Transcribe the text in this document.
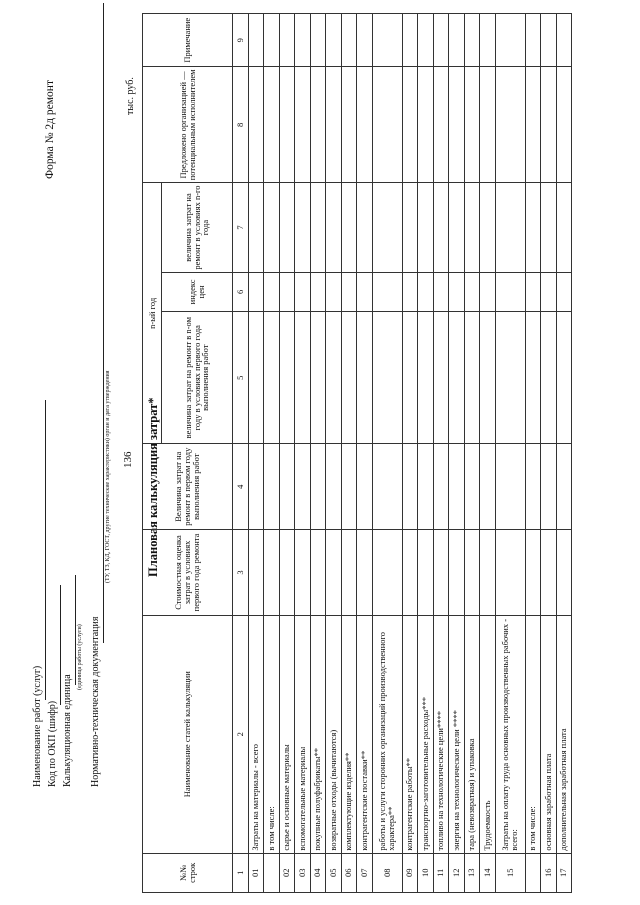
136
Форма № 2д ремонт
Плановая калькуляция затрат*
Наименование работ (услуг) Код по ОКП (шифр) Калькуляционная единица
(единица работы (услуги) Нормативно-техническая документация
(ТУ, ТЗ, КД, ГОСТ, другие технические характеристики) орган и дата утверждения
тыс. руб.
№№ строк	Наименование статей калькуляции	Стоимостная оценка затрат в условиях первого года ремонта	Величина затрат на ремонт в первом году выполнения работ	n-ый год			Предложено организацией — потенциальным исполнителем	Примечание
				величина затрат на ремонт в n-ом году в условиях первого года выполнения работ	индекс цен	величина затрат на ремонт в условиях n-го года		
1	2	3	4	5	6	7	8	9
01	Затраты на материалы - всего							
	в том числе:							
02	сырье и основные материалы							
03	вспомогательные материалы							
04	покупные полуфабрикаты**							
05	возвратные отходы (вычитаются)							
06	комплектующие изделия**							
07	контрагентские поставки**							
08	работы и услуги сторонних организаций производственного характера**							
09	контрагентские работы**							
10	транспортно-заготовительные расходы***							
11	топливо на технологические цели****							
12	энергия на технологические цели ****							
13	тара (невозвратная) и упаковка							
14	Трудоемкость							
15	Затраты на оплату труда основных производственных рабочих - всего:							
	в том числе:							
16	основная заработная плата							
17	дополнительная заработная плата							
